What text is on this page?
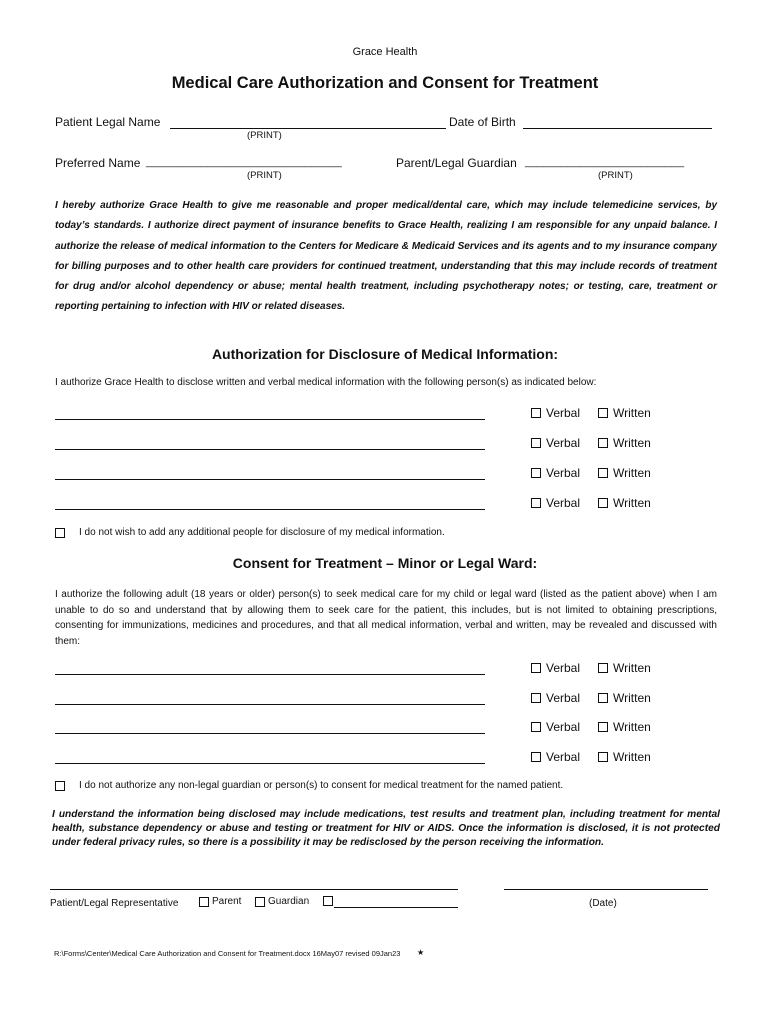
Grace Health
Medical Care Authorization and Consent for Treatment
Patient Legal Name
(PRINT)
Date of Birth
Preferred Name ________________________________
(PRINT)
Parent/Legal Guardian __________________________
(PRINT)
I hereby authorize Grace Health to give me reasonable and proper medical/dental care, which may include telemedicine services, by today’s standards. I authorize direct payment of insurance benefits to Grace Health, realizing I am responsible for any unpaid balance. I authorize the release of medical information to the Centers for Medicare & Medicaid Services and its agents and to my insurance company for billing purposes and to other health care providers for continued treatment, understanding that this may include records of treatment for drug and/or alcohol dependency or abuse; mental health treatment, including psychotherapy notes; or testing, care, treatment or reporting pertaining to infection with HIV or related diseases.
Authorization for Disclosure of Medical Information:
I authorize Grace Health to disclose written and verbal medical information with the following person(s) as indicated below:
Verbal	Written
Verbal	Written
Verbal	Written
Verbal	Written
I do not wish to add any additional people for disclosure of my medical information.
Consent for Treatment – Minor or Legal Ward:
I authorize the following adult (18 years or older) person(s) to seek medical care for my child or legal ward (listed as the patient above) when I am unable to do so and understand that by allowing them to seek care for the patient, this includes, but is not limited to obtaining prescriptions, consenting for immunizations, medicines and procedures, and that all medical information, verbal and written, may be revealed and discussed with them:
Verbal	Written
Verbal	Written
Verbal	Written
Verbal	Written
I do not authorize any non-legal guardian or person(s) to consent for medical treatment for the named patient.
I understand the information being disclosed may include medications, test results and treatment plan, including treatment for mental health, substance dependency or abuse and testing or treatment for HIV or AIDS. Once the information is disclosed, it is not protected under federal privacy rules, so there is a possibility it may be redisclosed by the person receiving the information.
Patient/Legal Representative	Parent	Guardian	(Date)
R:\Forms\Center\Medical Care Authorization and Consent for Treatment.docx 16May07 revised 09Jan23 ★
